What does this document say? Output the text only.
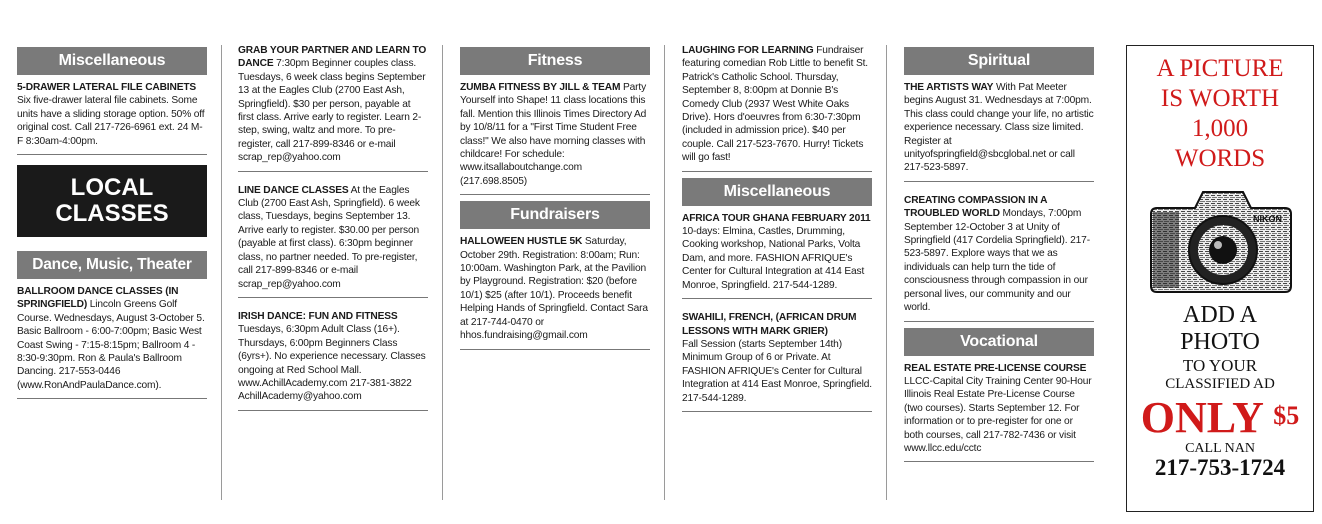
Miscellaneous
5-DRAWER LATERAL FILE CABINETS
Six five-drawer lateral file cabinets. Some units have a sliding storage option. 50% off original cost. Call 217-726-6961 ext. 24 M-F 8:30am-4:00pm.
LOCAL
CLASSES
Dance, Music, Theater
BALLROOM DANCE CLASSES (IN SPRINGFIELD) Lincoln Greens Golf Course. Wednesdays, August 3-October 5. Basic Ballroom - 6:00-7:00pm; Basic West Coast Swing - 7:15-8:15pm; Ballroom 4 - 8:30-9:30pm. Ron & Paula's Ballroom Dancing. 217-553-0446 (www.RonAndPaulaDance.com).
GRAB YOUR PARTNER AND LEARN TO DANCE 7:30pm Beginner couples class. Tuesdays, 6 week class begins September 13 at the Eagles Club (2700 East Ash, Springfield). $30 per person, payable at first class. Arrive early to register. Learn 2-step, swing, waltz and more. To pre-register, call 217-899-8346 or e-mail scrap_rep@yahoo.com
LINE DANCE CLASSES At the Eagles Club (2700 East Ash, Springfield). 6 week class, Tuesdays, begins September 13. Arrive early to register. $30.00 per person (payable at first class). 6:30pm beginner class, no partner needed. To pre-register, call 217-899-8346 or e-mail scrap_rep@yahoo.com
IRISH DANCE: FUN AND FITNESS Tuesdays, 6:30pm Adult Class (16+). Thursdays, 6:00pm Beginners Class (6yrs+). No experience necessary. Classes ongoing at Red School Mall. www.AchillAcademy.com 217-381-3822 AchillAcademy@yahoo.com
Fitness
ZUMBA FITNESS BY JILL & TEAM Party Yourself into Shape! 11 class locations this fall. Mention this Illinois Times Directory Ad by 10/8/11 for a "First Time Student Free class!" We also have morning classes with childcare! For schedule: www.itsallaboutchange.com (217.698.8505)
Fundraisers
HALLOWEEN HUSTLE 5K Saturday, October 29th. Registration: 8:00am; Run: 10:00am. Washington Park, at the Pavilion by Playground. Registration: $20 (before 10/1) $25 (after 10/1). Proceeds benefit Helping Hands of Springfield. Contact Sara at 217-744-0470 or hhos.fundraising@gmail.com
LAUGHING FOR LEARNING Fundraiser featuring comedian Rob Little to benefit St. Patrick's Catholic School. Thursday, September 8, 8:00pm at Donnie B's Comedy Club (2937 West White Oaks Drive). Hors d'oeuvres from 6:30-7:30pm (included in admission price). $40 per couple. Call 217-523-7670. Hurry! Tickets will go fast!
Miscellaneous
AFRICA TOUR GHANA FEBRUARY 2011
10-days: Elmina, Castles, Drumming, Cooking workshop, National Parks, Volta Dam, and more. FASHION AFRIQUE's Center for Cultural Integration at 414 East Monroe, Springfield. 217-544-1289.
SWAHILI, FRENCH, (AFRICAN DRUM LESSONS WITH MARK GRIER)
Fall Session (starts September 14th) Minimum Group of 6 or Private. At FASHION AFRIQUE's Center for Cultural Integration at 414 East Monroe, Springfield. 217-544-1289.
Spiritual
THE ARTISTS WAY With Pat Meeter begins August 31. Wednesdays at 7:00pm. This class could change your life, no artistic experience necessary. Class size limited. Register at unityofspringfield@sbcglobal.net or call 217-523-5897.
CREATING COMPASSION IN A TROUBLED WORLD Mondays, 7:00pm September 12-October 3 at Unity of Springfield (417 Cordelia Springfield). 217-523-5897. Explore ways that we as individuals can help turn the tide of consciousness through compassion in our personal lives, our community and our world.
Vocational
REAL ESTATE PRE-LICENSE COURSE
LLCC-Capital City Training Center 90-Hour Illinois Real Estate Pre-License Course (two courses). Starts September 12. For information or to pre-register for one or both courses, call 217-782-7436 or visit www.llcc.edu/cctc
A PICTURE
IS WORTH
1,000
WORDS
NIKON
ADD A
PHOTO
TO YOUR
CLASSIFIED AD
ONLY $^{\$5}$
CALL NAN
217-753-1724
